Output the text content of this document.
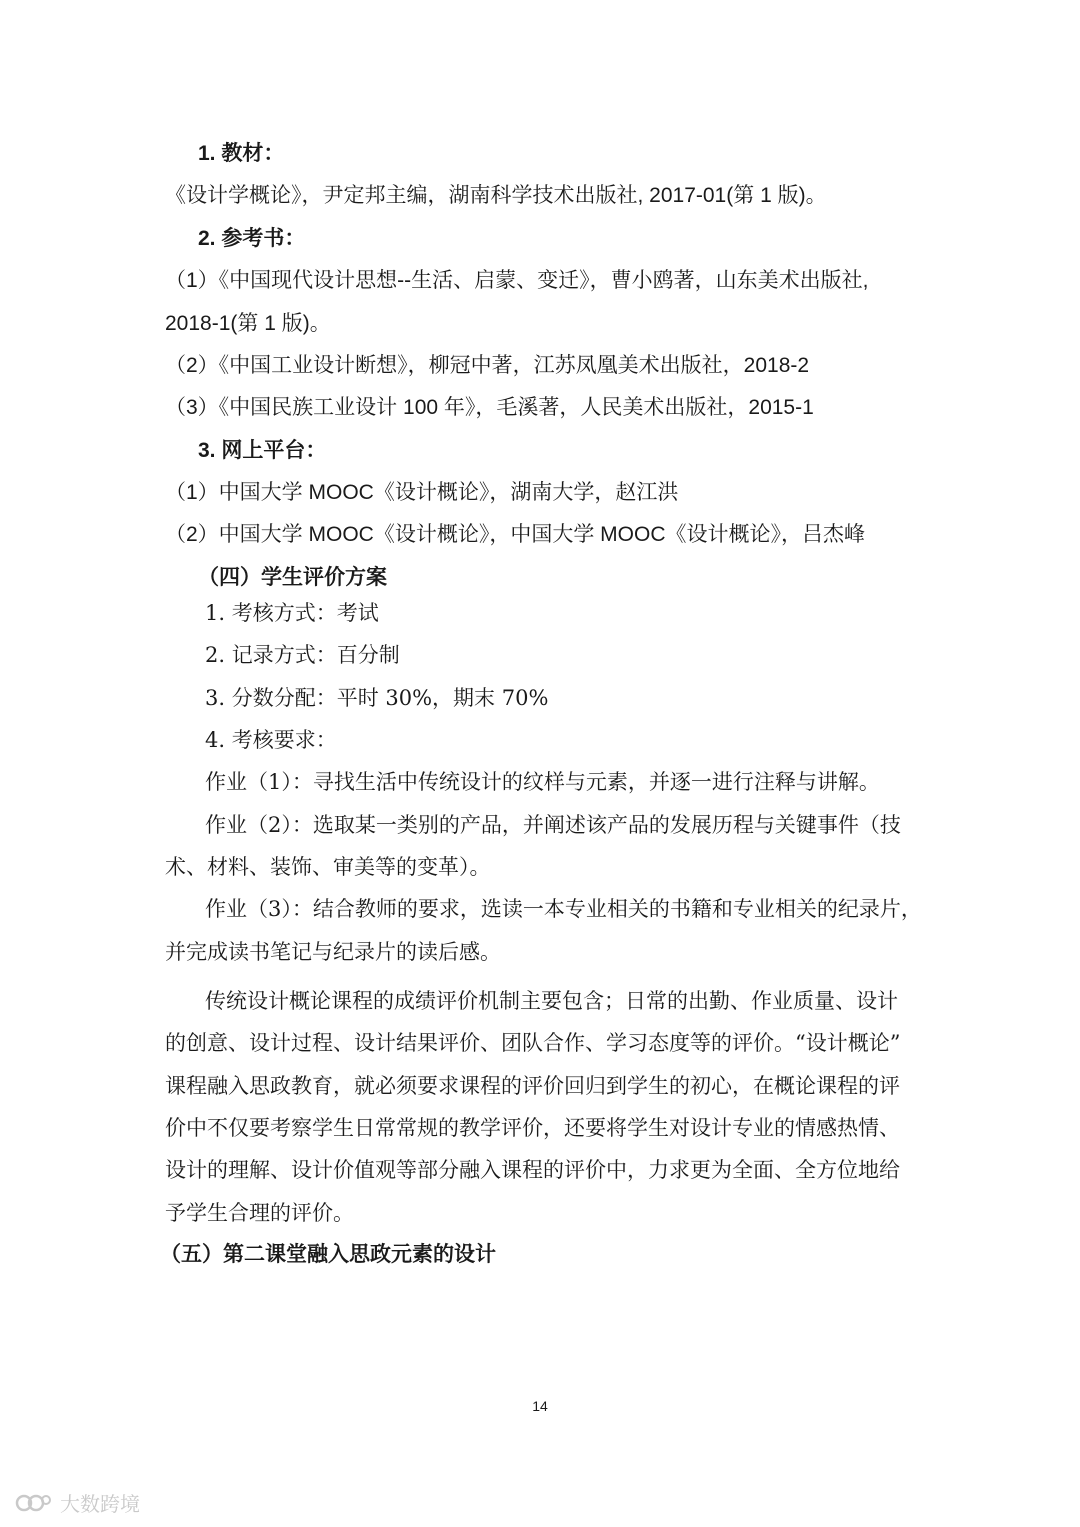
1. 教材：
《设计学概论》，尹定邦主编，湖南科学技术出版社, 2017-01(第 1 版)。
2. 参考书：
（1）《中国现代设计思想--生活、启蒙、变迁》，曹小鸥著，山东美术出版社,
2018-1(第 1 版)。
（2）《中国工业设计断想》，柳冠中著，江苏凤凰美术出版社，2018-2
（3）《中国民族工业设计 100 年》，毛溪著，人民美术出版社，2015-1
3. 网上平台：
（1）中国大学 MOOC《设计概论》，湖南大学，赵江洪
（2）中国大学 MOOC《设计概论》，中国大学 MOOC《设计概论》，吕杰峰
（四）学生评价方案
1. 考核方式：考试
2. 记录方式：百分制
3. 分数分配：平时 30%，期末 70%
4. 考核要求：
作业（1）：寻找生活中传统设计的纹样与元素，并逐一进行注释与讲解。
作业（2）：选取某一类别的产品，并阐述该产品的发展历程与关键事件（技
术、材料、装饰、审美等的变革）。
作业（3）：结合教师的要求，选读一本专业相关的书籍和专业相关的纪录片，
并完成读书笔记与纪录片的读后感。
传统设计概论课程的成绩评价机制主要包含；日常的出勤、作业质量、设计
的创意、设计过程、设计结果评价、团队合作、学习态度等的评价。“设计概论”
课程融入思政教育，就必须要求课程的评价回归到学生的初心，在概论课程的评
价中不仅要考察学生日常常规的教学评价，还要将学生对设计专业的情感热情、
设计的理解、设计价值观等部分融入课程的评价中，力求更为全面、全方位地给
予学生合理的评价。
（五）第二课堂融入思政元素的设计
14
大数跨境
